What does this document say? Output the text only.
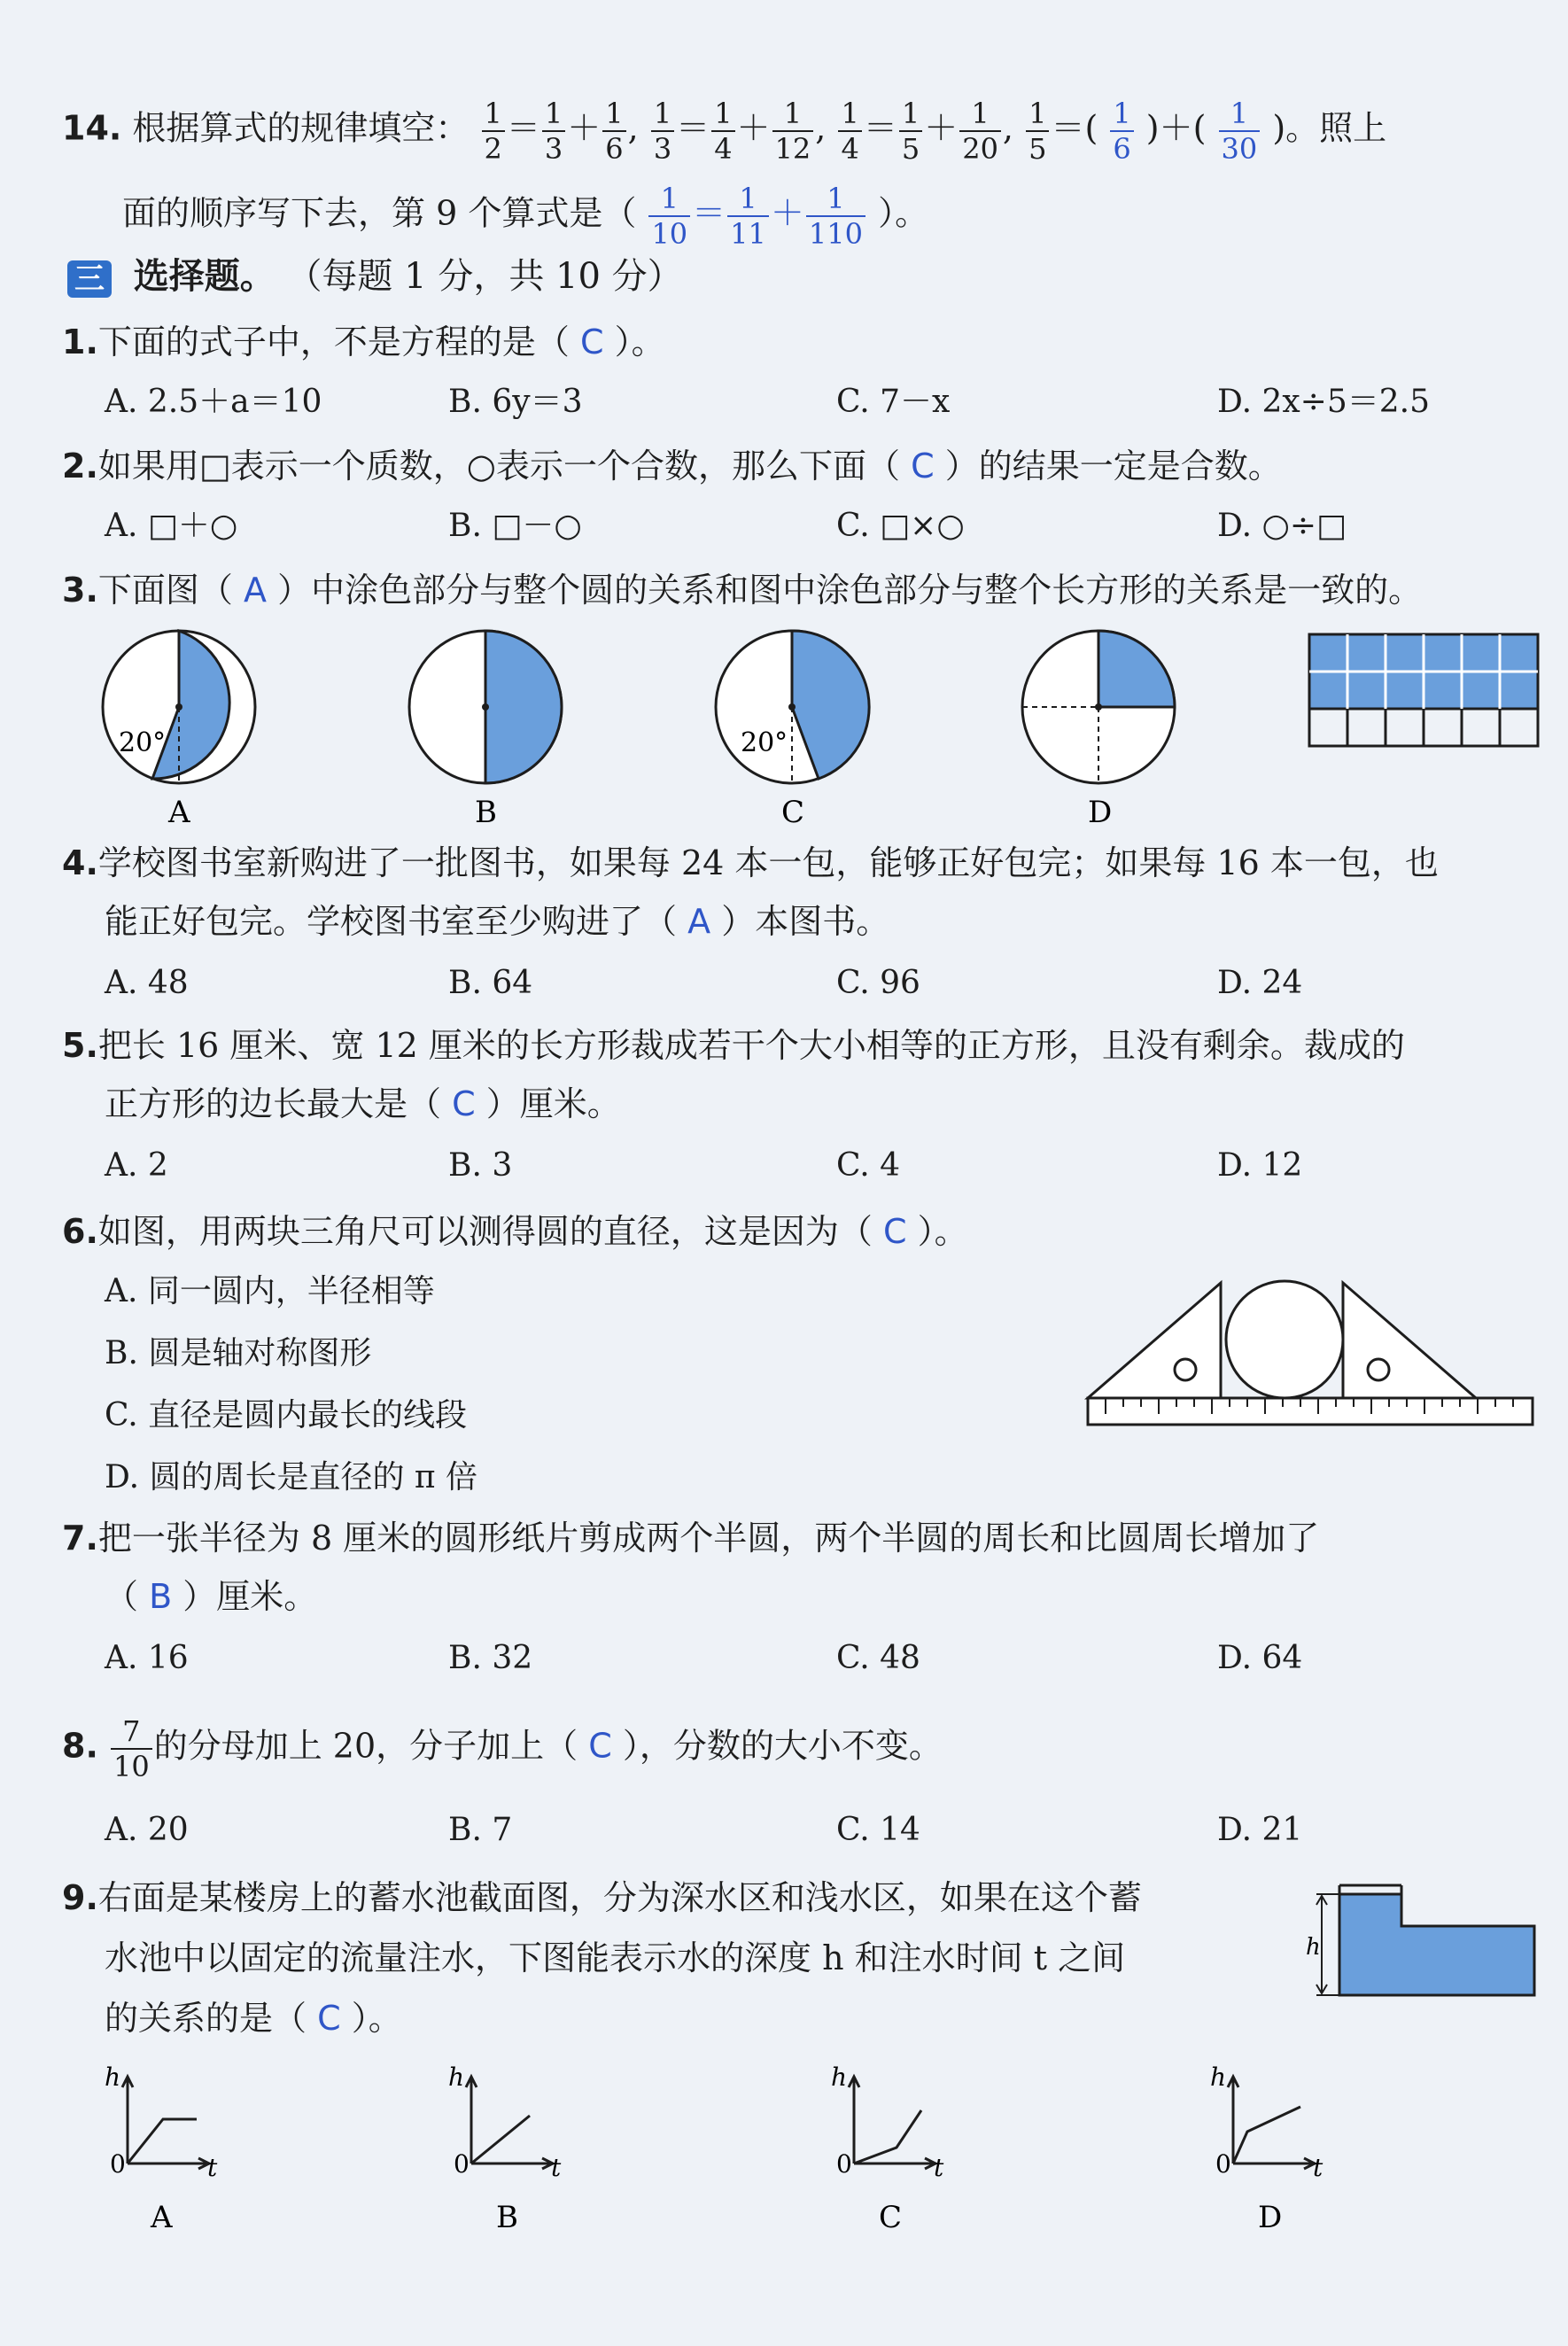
14. 根据算式的规律填空： $\frac{1}{2} = \frac{1}{3} + \frac{1}{6}$ , $\frac{1}{3} = \frac{1}{4} + \frac{1}{12}$ , $\frac{1}{4} = \frac{1}{5} + \frac{1}{20}$ , $\frac{1}{5}$ ＝( $\frac{1}{6}$ )＋( $\frac{1}{30}$ )。照上
面的顺序写下去，第 9 个算式是（ $\frac{1}{10} = \frac{1}{11} + \frac{1}{110}$ ）。
三 选择题。 （每题 1 分，共 10 分）
1.下面的式子中，不是方程的是（ C ）。
A. 2.5＋a＝10	B. 6y＝3	C. 7－x	D. 2x÷5＝2.5
2.如果用□表示一个质数，○表示一个合数，那么下面（ C ）的结果一定是合数。
A. □＋○	B. □－○	C. □×○	D. ○÷□
3.下面图（ A ）中涂色部分与整个圆的关系和图中涂色部分与整个长方形的关系是一致的。
20°	20°
A	B	C	D
4.学校图书室新购进了一批图书，如果每 24 本一包，能够正好包完；如果每 16 本一包，也
能正好包完。学校图书室至少购进了（ A ）本图书。
A. 48	B. 64	C. 96	D. 24
5.把长 16 厘米、宽 12 厘米的长方形裁成若干个大小相等的正方形，且没有剩余。裁成的
正方形的边长最大是（ C ）厘米。
A. 2	B. 3	C. 4	D. 12
6.如图，用两块三角尺可以测得圆的直径，这是因为（ C ）。
A. 同一圆内，半径相等
B. 圆是轴对称图形
C. 直径是圆内最长的线段
D. 圆的周长是直径的 π 倍
7.把一张半径为 8 厘米的圆形纸片剪成两个半圆，两个半圆的周长和比圆周长增加了
（ B ）厘米。
A. 16	B. 32	C. 48	D. 64
8. $\frac{7}{10}$ 的分母加上 20，分子加上（ C ），分数的大小不变。
A. 20	B. 7	C. 14	D. 21
9.右面是某楼房上的蓄水池截面图，分为深水区和浅水区，如果在这个蓄
水池中以固定的流量注水，下图能表示水的深度 h 和注水时间 t 之间
的关系的是（ C ）。
h
h
0	t
A
h
0	t
B
h
0	t
C
h
0	t
D
